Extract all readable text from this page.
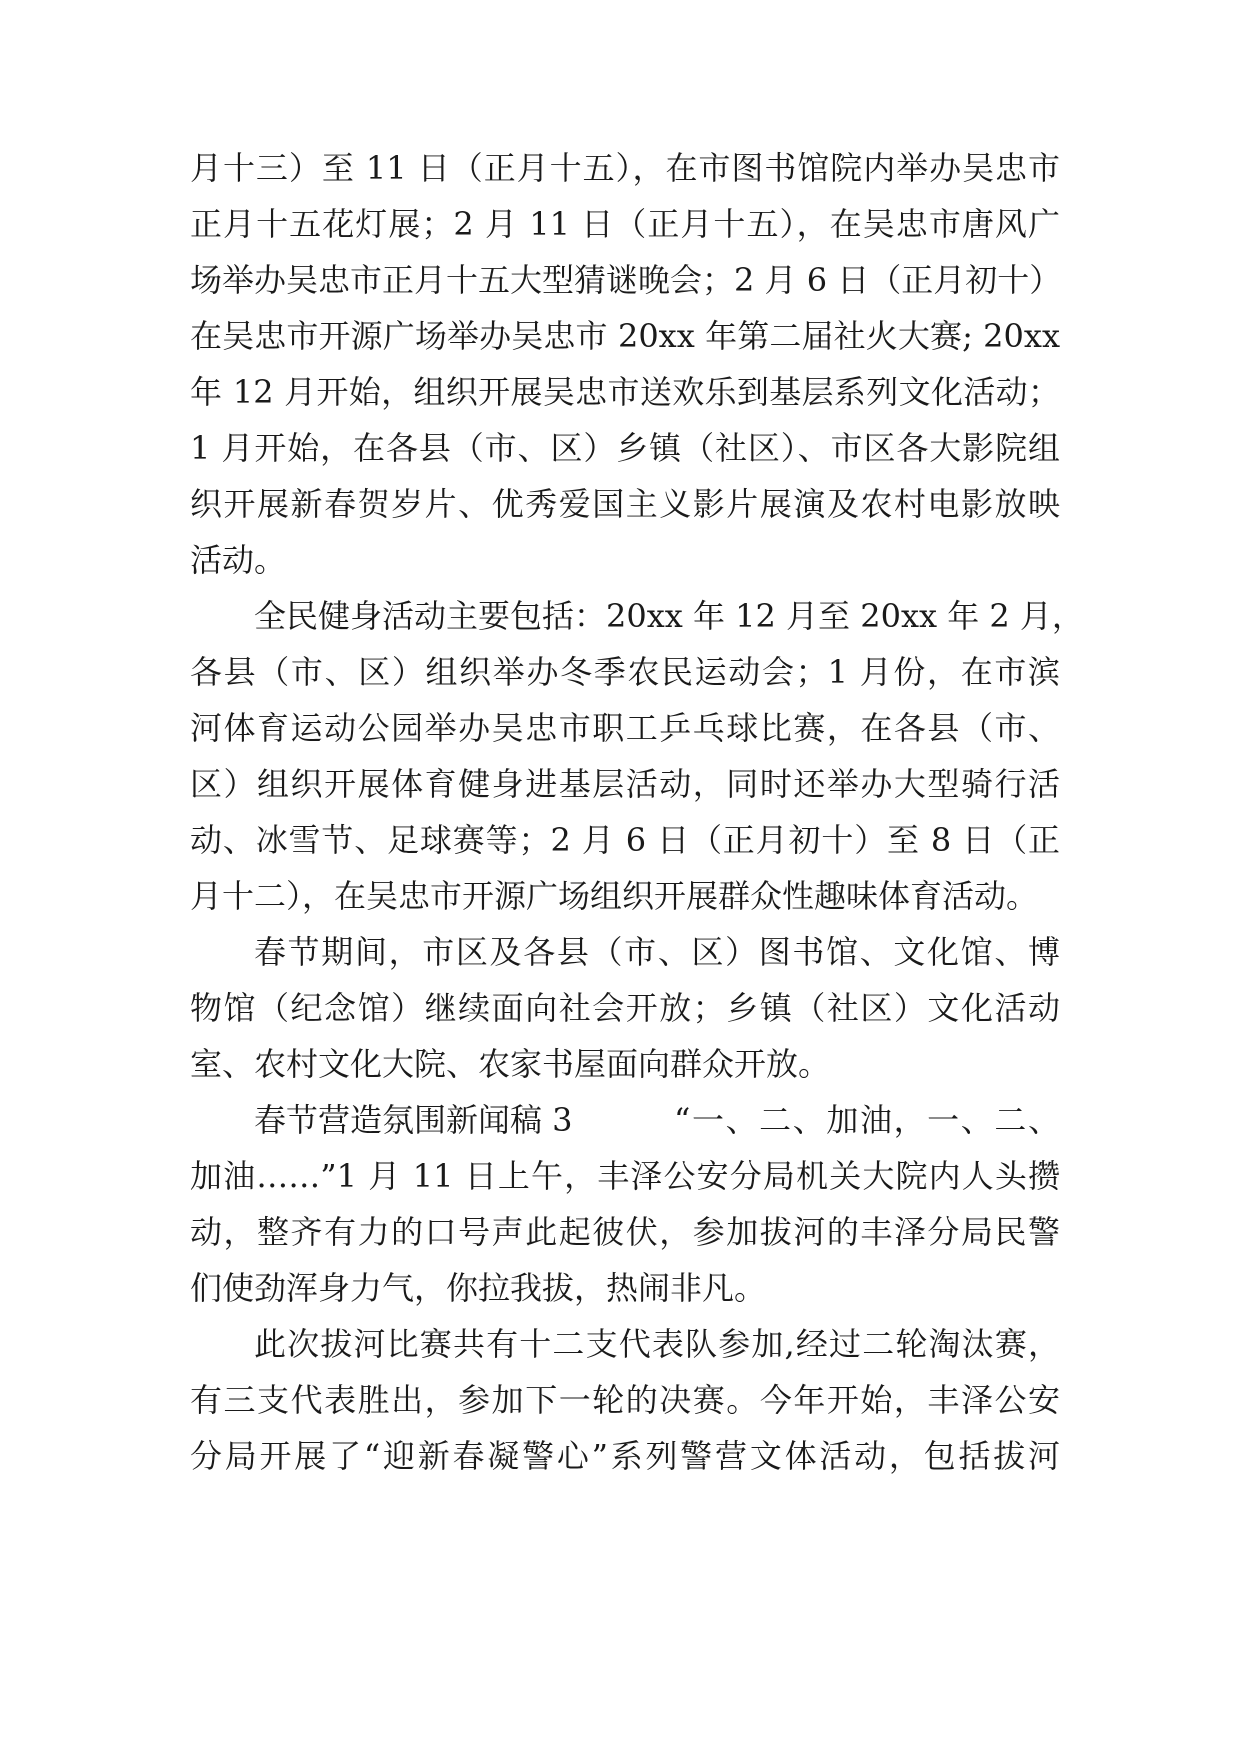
月十三）至 11 日（正月十五），在市图书馆院内举办吴忠市
正月十五花灯展；2 月 11 日（正月十五），在吴忠市唐风广
场举办吴忠市正月十五大型猜谜晚会；2 月 6 日（正月初十）
在吴忠市开源广场举办吴忠市 20xx 年第二届社火大赛; 20xx
年 12 月开始，组织开展吴忠市送欢乐到基层系列文化活动；
1 月开始，在各县（市、区）乡镇（社区）、市区各大影院组
织开展新春贺岁片、优秀爱国主义影片展演及农村电影放映
活动。
全民健身活动主要包括：20xx 年 12 月至 20xx 年 2 月，
各县（市、区）组织举办冬季农民运动会；1 月份，在市滨
河体育运动公园举办吴忠市职工乒乓球比赛，在各县（市、
区）组织开展体育健身进基层活动，同时还举办大型骑行活
动、冰雪节、足球赛等；2 月 6 日（正月初十）至 8 日（正
月十二），在吴忠市开源广场组织开展群众性趣味体育活动。
春节期间，市区及各县（市、区）图书馆、文化馆、博
物馆（纪念馆）继续面向社会开放；乡镇（社区）文化活动
室、农村文化大院、农家书屋面向群众开放。
春节营造氛围新闻稿 3	“一、二、加油，一、二、
加油……”1 月 11 日上午，丰泽公安分局机关大院内人头攒
动，整齐有力的口号声此起彼伏，参加拔河的丰泽分局民警
们使劲浑身力气，你拉我拔，热闹非凡。
此次拔河比赛共有十二支代表队参加,经过二轮淘汰赛，
有三支代表胜出，参加下一轮的决赛。今年开始，丰泽公安
分局开展了“迎新春凝警心”系列警营文体活动，包括拔河
